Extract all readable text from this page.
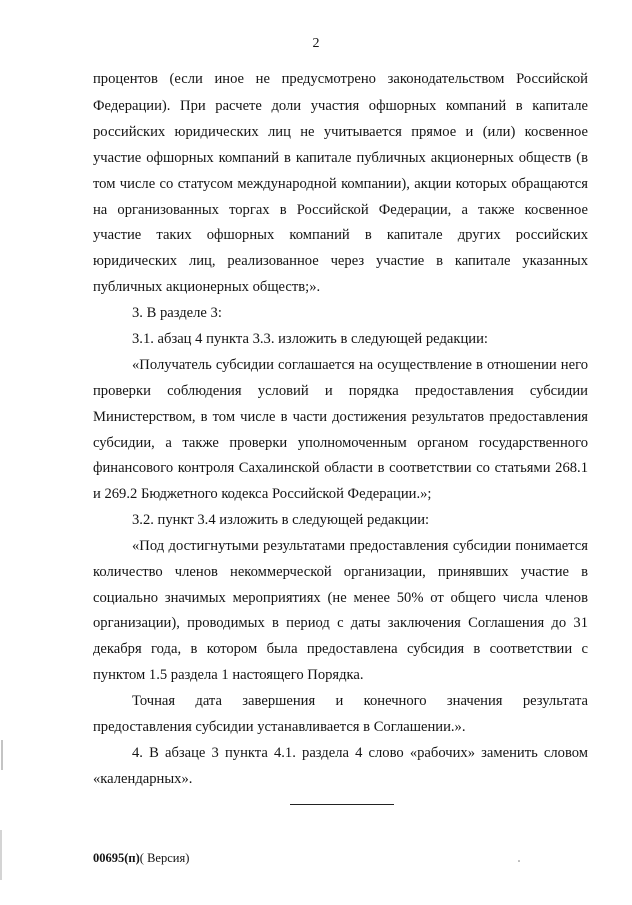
2
процентов (если иное не предусмотрено законодательством Российской
Федерации). При расчете доли участия офшорных компаний в капитале
российских юридических лиц не учитывается прямое и (или) косвенное
участие офшорных компаний в капитале публичных акционерных обществ (в
том числе со статусом международной компании), акции которых обращаются
на организованных торгах в Российской Федерации, а также косвенное
участие таких офшорных компаний в капитале других российских
юридических лиц, реализованное через участие в капитале указанных
публичных акционерных обществ;».
3. В разделе 3:
3.1. абзац 4 пункта 3.3. изложить в следующей редакции:
«Получатель субсидии соглашается на осуществление в отношении него
проверки соблюдения условий и порядка предоставления субсидии
Министерством, в том числе в части достижения результатов предоставления
субсидии, а также проверки уполномоченным органом государственного
финансового контроля Сахалинской области в соответствии со статьями 268.1
и 269.2 Бюджетного кодекса Российской Федерации.»;
3.2. пункт 3.4 изложить в следующей редакции:
«Под достигнутыми результатами предоставления субсидии понимается
количество членов некоммерческой организации, принявших участие в
социально значимых мероприятиях (не менее 50% от общего числа членов
организации), проводимых в период с даты заключения Соглашения до 31
декабря года, в котором была предоставлена субсидия в соответствии с
пунктом 1.5 раздела 1 настоящего Порядка.
Точная дата завершения и конечного значения результата
предоставления субсидии устанавливается в Соглашении.».
4. В абзаце 3 пункта 4.1. раздела 4 слово «рабочих» заменить словом
«календарных».
00695(п)( Версия)
